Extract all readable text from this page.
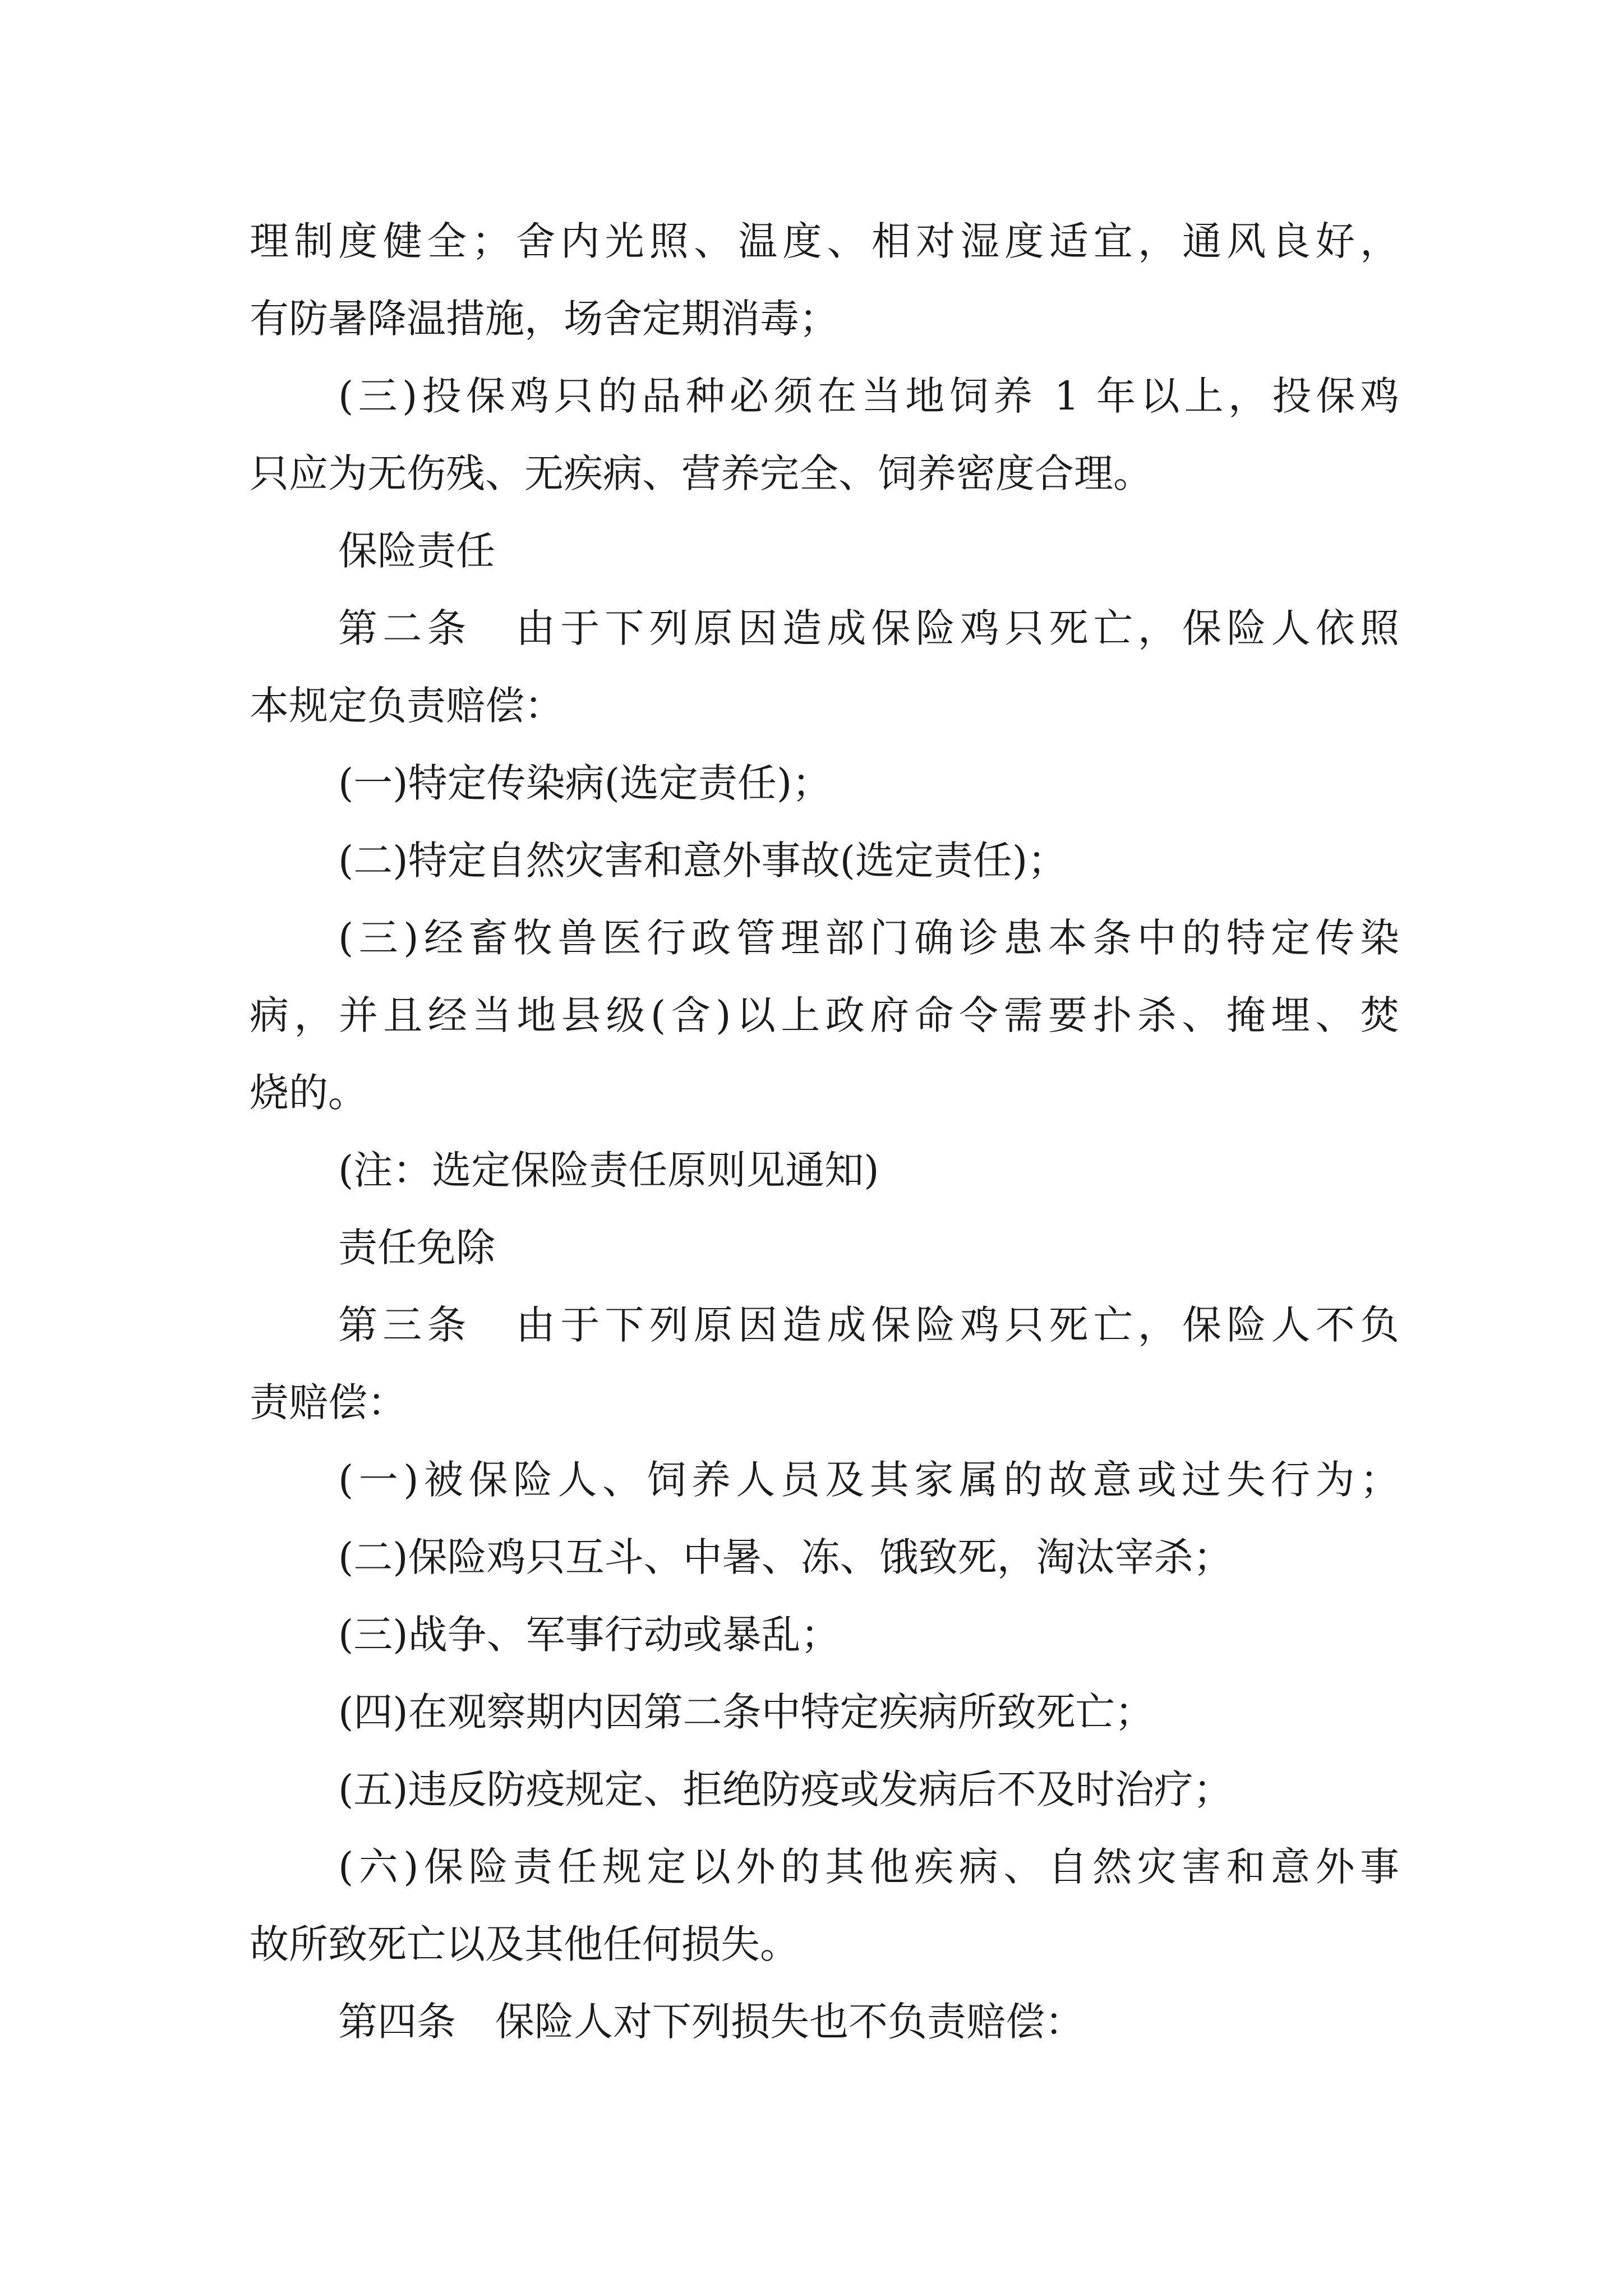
理制度健全；舍内光照、温度、相对湿度适宜，通风良好，
有防暑降温措施，场舍定期消毒；
(三)投保鸡只的品种必须在当地饲养 1 年以上，投保鸡
只应为无伤残、无疾病、营养完全、饲养密度合理。
保险责任
第二条　由于下列原因造成保险鸡只死亡，保险人依照
本规定负责赔偿：
(一)特定传染病(选定责任)；
(二)特定自然灾害和意外事故(选定责任)；
(三)经畜牧兽医行政管理部门确诊患本条中的特定传染
病，并且经当地县级(含)以上政府命令需要扑杀、掩埋、焚
烧的。
(注：选定保险责任原则见通知)
责任免除
第三条　由于下列原因造成保险鸡只死亡，保险人不负
责赔偿：
(一)被保险人、饲养人员及其家属的故意或过失行为；
(二)保险鸡只互斗、中暑、冻、饿致死，淘汰宰杀；
(三)战争、军事行动或暴乱；
(四)在观察期内因第二条中特定疾病所致死亡；
(五)违反防疫规定、拒绝防疫或发病后不及时治疗；
(六)保险责任规定以外的其他疾病、自然灾害和意外事
故所致死亡以及其他任何损失。
第四条　保险人对下列损失也不负责赔偿：
